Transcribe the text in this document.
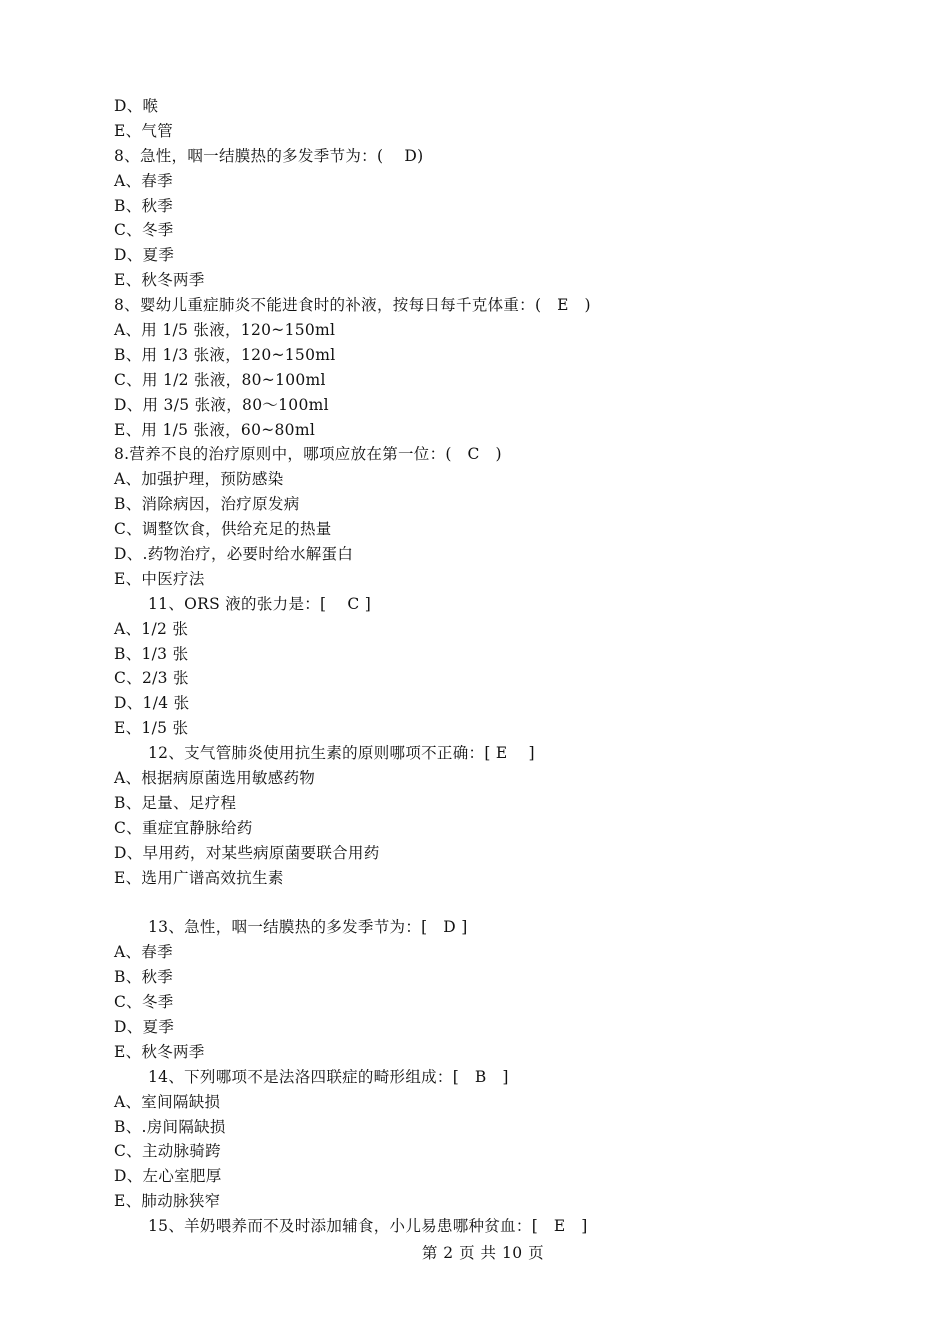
D、喉
E、气管
8、急性，咽一结膜热的多发季节为：(　 D)
A、春季
B、秋季
C、冬季
D、夏季
E、秋冬两季
8、婴幼儿重症肺炎不能进食时的补液，按每日每千克体重：(　E　)
A、用 1/5 张液，120~150ml
B、用 1/3 张液，120~150ml
C、用 1/2 张液，80~100ml
D、用 3/5 张液，80～100ml
E、用 1/5 张液，60~80ml
8.营养不良的治疗原则中，哪项应放在第一位：(　C　)
A、加强护理，预防感染
B、消除病因，治疗原发病
C、调整饮食，供给充足的热量
D、.药物治疗，必要时给水解蛋白
E、中医疗法
11、ORS 液的张力是：[　 C ]
A、1/2 张
B、1/3 张
C、2/3 张
D、1/4 张
E、1/5 张
12、支气管肺炎使用抗生素的原则哪项不正确：[ E　 ]
A、根据病原菌选用敏感药物
B、足量、足疗程
C、重症宜静脉给药
D、早用药，对某些病原菌要联合用药
E、选用广谱高效抗生素
13、急性，咽一结膜热的多发季节为：[　D ]
A、春季
B、秋季
C、冬季
D、夏季
E、秋冬两季
14、下列哪项不是法洛四联症的畸形组成：[　B　]
A、室间隔缺损
B、.房间隔缺损
C、主动脉骑跨
D、左心室肥厚
E、肺动脉狭窄
15、羊奶喂养而不及时添加辅食，小儿易患哪种贫血：[　E　]
第 2 页 共 10 页
